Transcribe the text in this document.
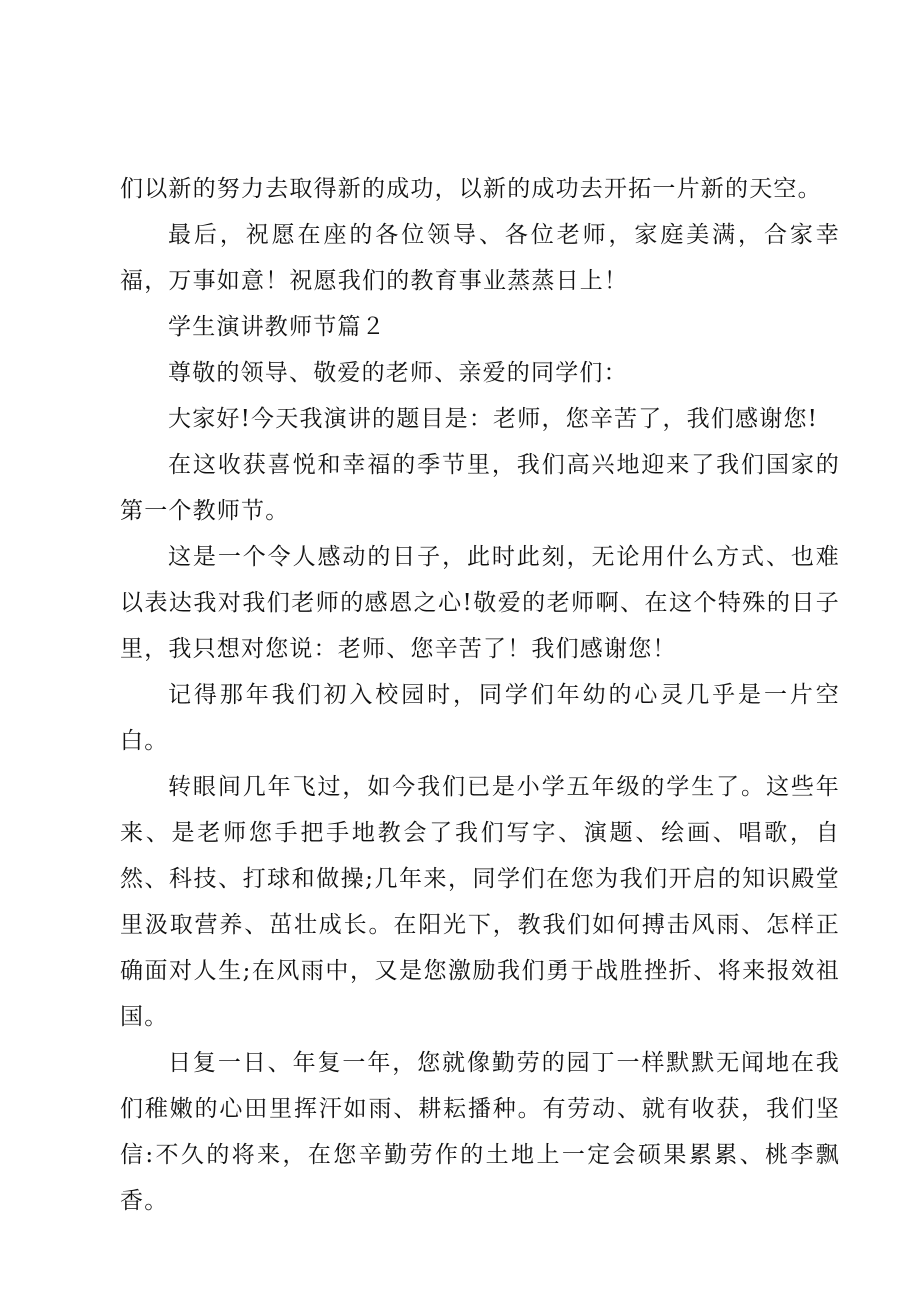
们以新的努力去取得新的成功，以新的成功去开拓一片新的天空。

最后，祝愿在座的各位领导、各位老师，家庭美满，合家幸福，万事如意！祝愿我们的教育事业蒸蒸日上！

学生演讲教师节篇２

尊敬的领导、敬爱的老师、亲爱的同学们：

大家好!今天我演讲的题目是：老师，您辛苦了，我们感谢您!

在这收获喜悦和幸福的季节里，我们高兴地迎来了我们国家的第一个教师节。

这是一个令人感动的日子，此时此刻，无论用什么方式、也难以表达我对我们老师的感恩之心!敬爱的老师啊、在这个特殊的日子里，我只想对您说：老师、您辛苦了！我们感谢您！

记得那年我们初入校园时，同学们年幼的心灵几乎是一片空白。

转眼间几年飞过，如今我们已是小学五年级的学生了。这些年来、是老师您手把手地教会了我们写字、演题、绘画、唱歌，自然、科技、打球和做操;几年来，同学们在您为我们开启的知识殿堂里汲取营养、茁壮成长。在阳光下，教我们如何搏击风雨、怎样正确面对人生;在风雨中，又是您激励我们勇于战胜挫折、将来报效祖国。

日复一日、年复一年，您就像勤劳的园丁一样默默无闻地在我们稚嫩的心田里挥汗如雨、耕耘播种。有劳动、就有收获，我们坚信:不久的将来，在您辛勤劳作的土地上一定会硕果累累、桃李飘香。
